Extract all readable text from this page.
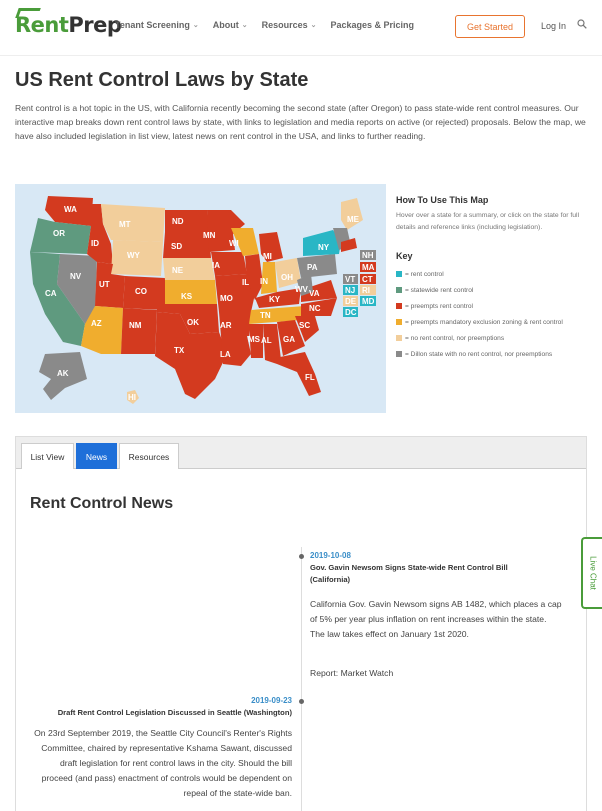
RentPrep
Tenant Screening ⌄ About ⌄ Resources ⌄ Packages & Pricing	Get Started	Log In
US Rent Control Laws by State

Rent control is a hot topic in the US, with California recently becoming the second state (after Oregon) to pass state-wide rent control measures. Our interactive map breaks down rent control laws by state, with links to legislation and media reports on active (or rejected) proposals. Below the map, we have also included legislation in list view, latest news on rent control in the USA, and links to further reading.

WA
OR
CA
NV
ID
MT
WY
UT
AZ
CO
NM
ND
SD
NE
KS
OK
TX
MN
IA
MO
AR
LA
WI
IL
MI
IN OH
KY
TN
MS AL GA
FL
SC
NC
VA
WV
PA
NY
ME
AK
HI
NH
VT
MA
CT
NJ RI
DE MD
DC
How To Use This Map
Hover over a state for a summary, or click on the state for full details and reference links (including legislation).
Key
= rent control
= statewide rent control
= preempts rent control
= preempts mandatory exclusion zoning & rent control
= no rent control, nor preemptions
= Dillon state with no rent control, nor preemptions
List View	News	Resources
Rent Control News
2019-10-08
Gov. Gavin Newsom Signs State-wide Rent Control Bill (California)
California Gov. Gavin Newsom signs AB 1482, which places a cap of 5% per year plus inflation on rent increases within the state. The law takes effect on January 1st 2020.
Report: Market Watch
2019-09-23
Draft Rent Control Legislation Discussed in Seattle (Washington)
On 23rd September 2019, the Seattle City Council's Renter's Rights Committee, chaired by representative Kshama Sawant, discussed draft legislation for rent control laws in the city. Should the bill proceed (and pass) enactment of controls would be dependent on repeal of the state-wide ban.
Live Chat
